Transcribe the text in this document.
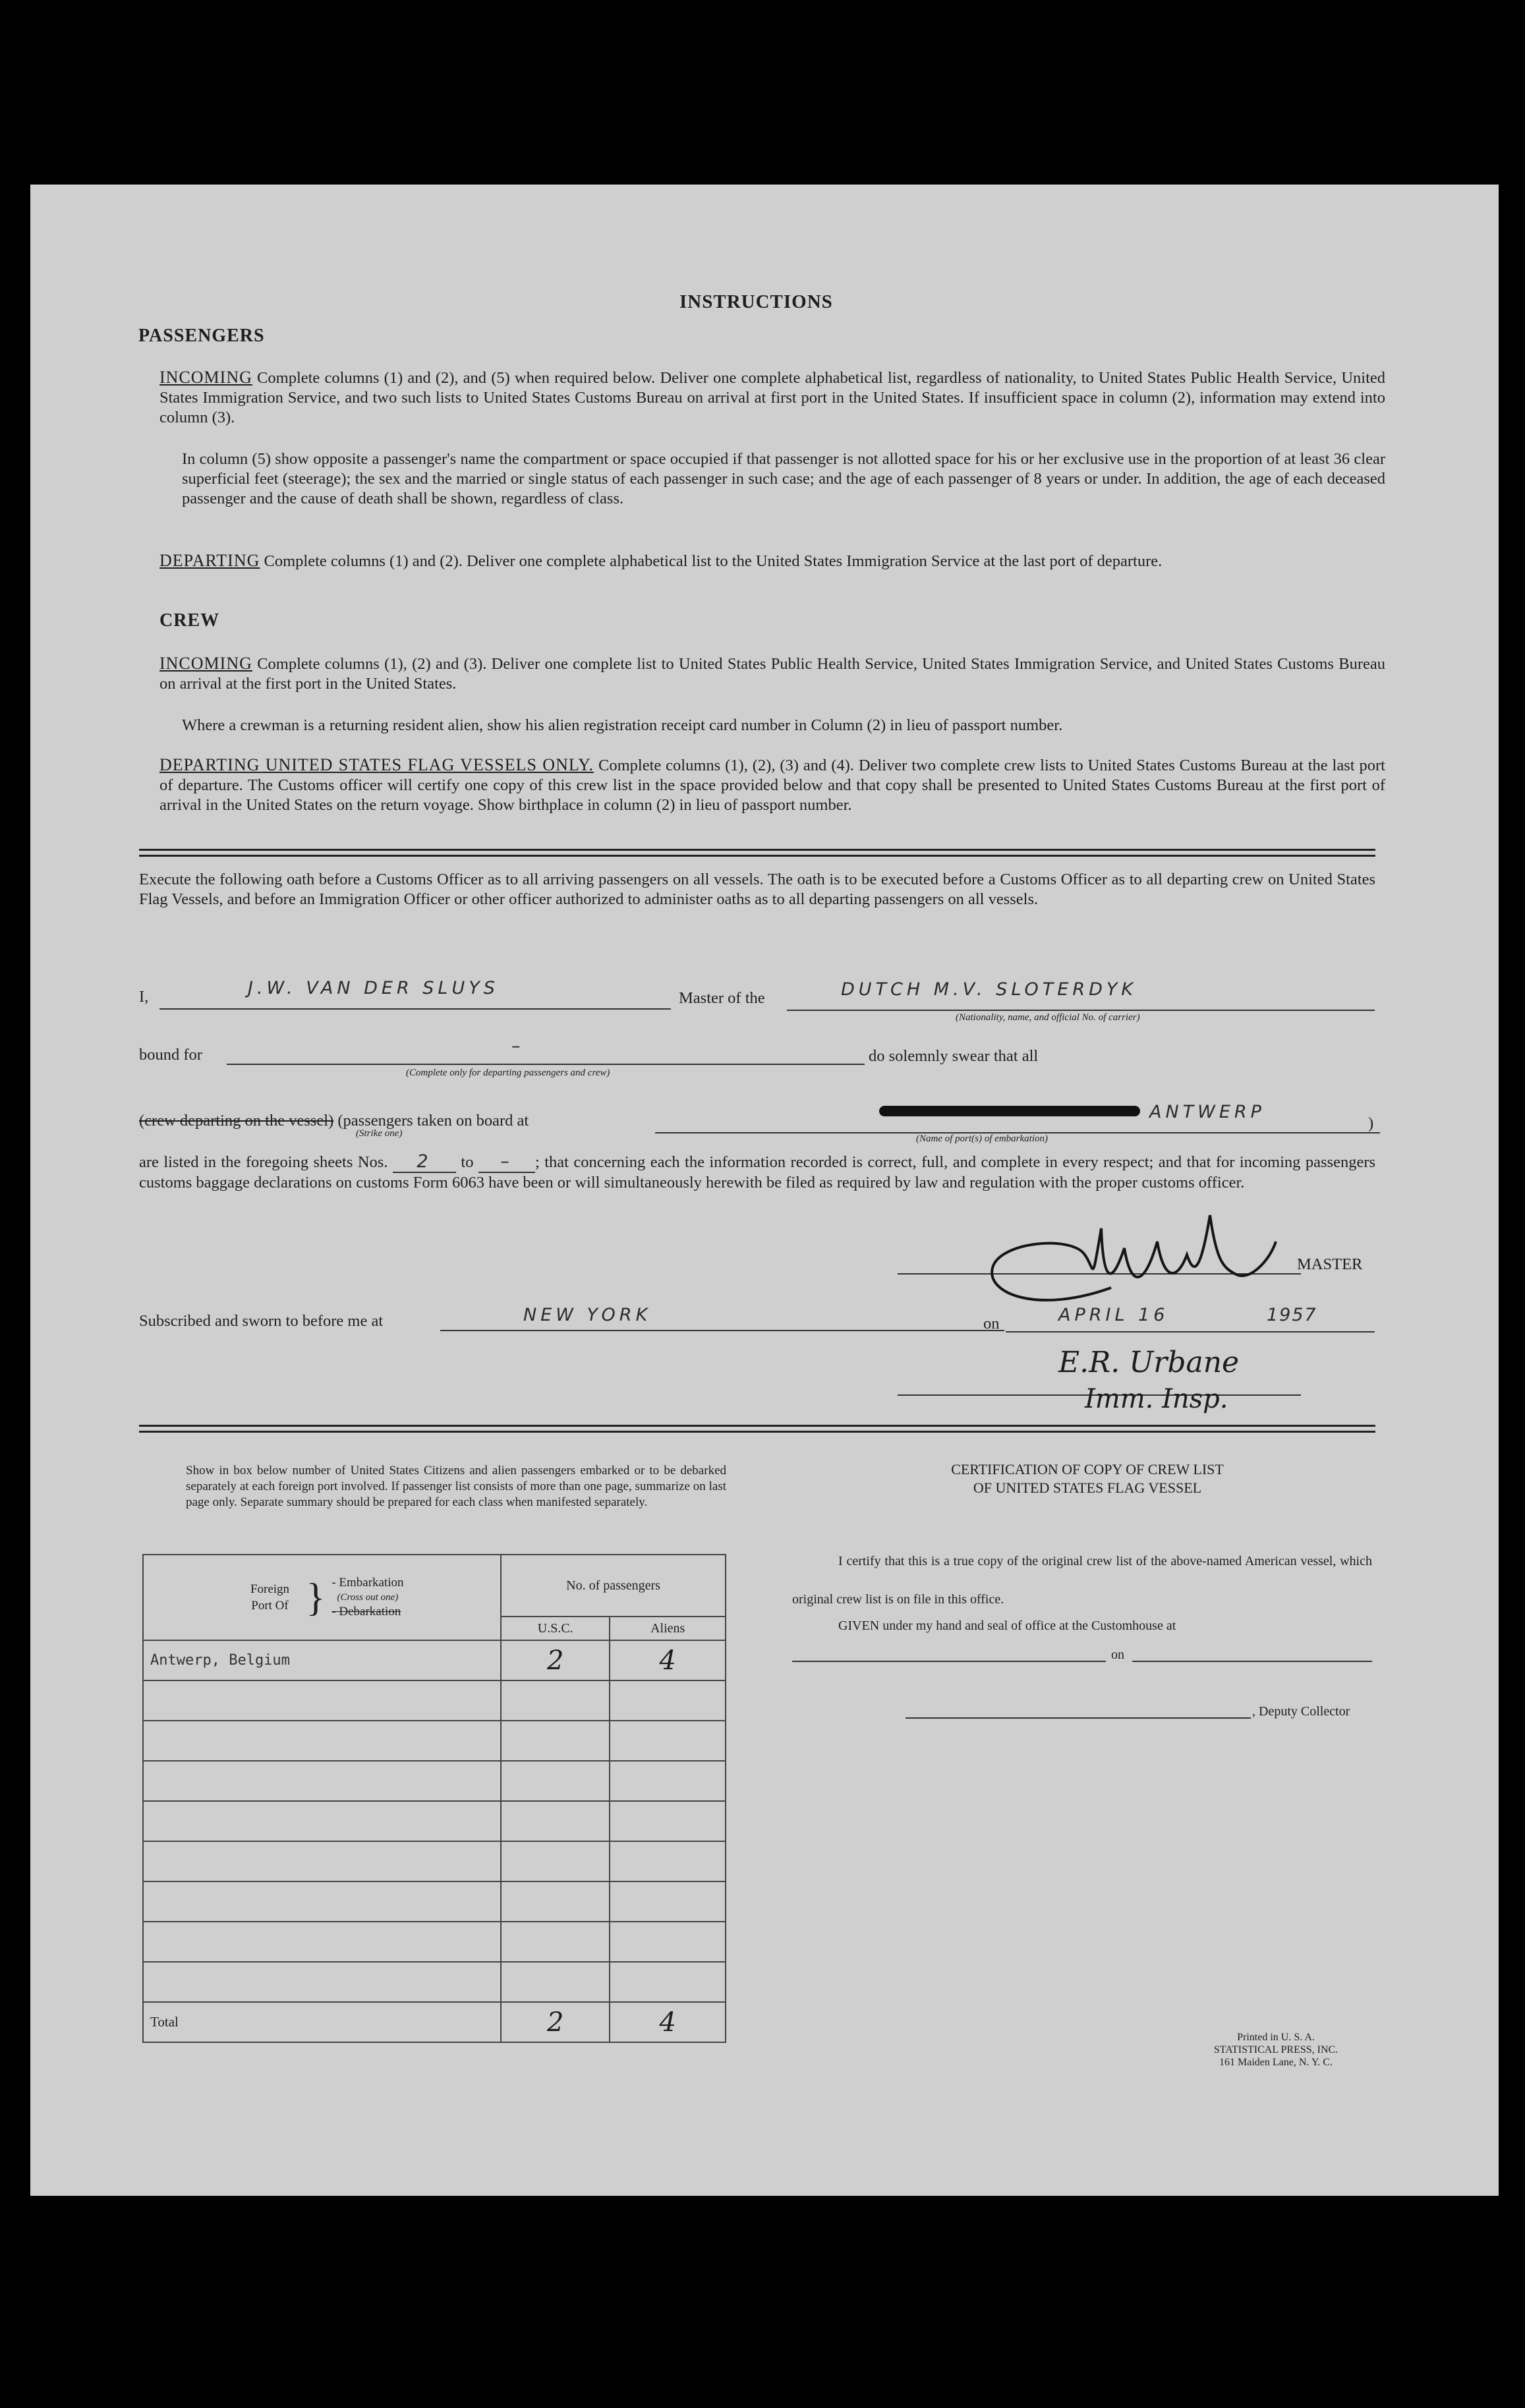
INSTRUCTIONS
PASSENGERS
INCOMING Complete columns (1) and (2), and (5) when required below. Deliver one complete alphabetical list, regardless of nationality, to United States Public Health Service, United States Immigration Service, and two such lists to United States Customs Bureau on arrival at first port in the United States. If insufficient space in column (2), information may extend into column (3).
In column (5) show opposite a passenger's name the compartment or space occupied if that passenger is not allotted space for his or her exclusive use in the proportion of at least 36 clear superficial feet (steerage); the sex and the married or single status of each passenger in such case; and the age of each passenger of 8 years or under. In addition, the age of each deceased passenger and the cause of death shall be shown, regardless of class.
DEPARTING Complete columns (1) and (2). Deliver one complete alphabetical list to the United States Immigration Service at the last port of departure.
CREW
INCOMING Complete columns (1), (2) and (3). Deliver one complete list to United States Public Health Service, United States Immigration Service, and United States Customs Bureau on arrival at the first port in the United States.
Where a crewman is a returning resident alien, show his alien registration receipt card number in Column (2) in lieu of passport number.
DEPARTING UNITED STATES FLAG VESSELS ONLY. Complete columns (1), (2), (3) and (4). Deliver two complete crew lists to United States Customs Bureau at the last port of departure. The Customs officer will certify one copy of this crew list in the space provided below and that copy shall be presented to United States Customs Bureau at the first port of arrival in the United States on the return voyage. Show birthplace in column (2) in lieu of passport number.
Execute the following oath before a Customs Officer as to all arriving passengers on all vessels. The oath is to be executed before a Customs Officer as to all departing crew on United States Flag Vessels, and before an Immigration Officer or other officer authorized to administer oaths as to all departing passengers on all vessels.
I,	J.W. VAN DER SLUYS	Master of the	DUTCH M.V. SLOTERDYK
(Nationality, name, and official No. of carrier)
bound for	–
(Complete only for departing passengers and crew)
do solemnly swear that all
(crew departing on the vessel) (passengers taken on board at
(Strike one)
ANTWERP
)
(Name of port(s) of embarkation)
are listed in the foregoing sheets Nos. 2 to – ; that concerning each the information recorded is correct, full, and complete in every respect; and that for incoming passengers customs baggage declarations on customs Form 6063 have been or will simultaneously herewith be filed as required by law and regulation with the proper customs officer.
MASTER
Subscribed and sworn to before me at	NEW YORK	on	APRIL 16	1957
E.R. Urbane
Imm. Insp.
Show in box below number of United States Citizens and alien passengers embarked or to be debarked separately at each foreign port involved. If passenger list consists of more than one page, summarize on last page only. Separate summary should be prepared for each class when manifested separately.
CERTIFICATION OF COPY OF CREW LIST
OF UNITED STATES FLAG VESSEL
I certify that this is a true copy of the original crew list of the above-named American vessel, which original crew list is on file in this office.
GIVEN under my hand and seal of office at the Customhouse at
on
, Deputy Collector
Foreign Port Of } - Embarkation
(Cross out one)
- Debarkation	No. of passengers	
	U.S.C.	Aliens
Antwerp, Belgium	2	4

Total	2	4	Printed in U. S. A.
STATISTICAL PRESS, INC.
161 Maiden Lane, N. Y. C.
